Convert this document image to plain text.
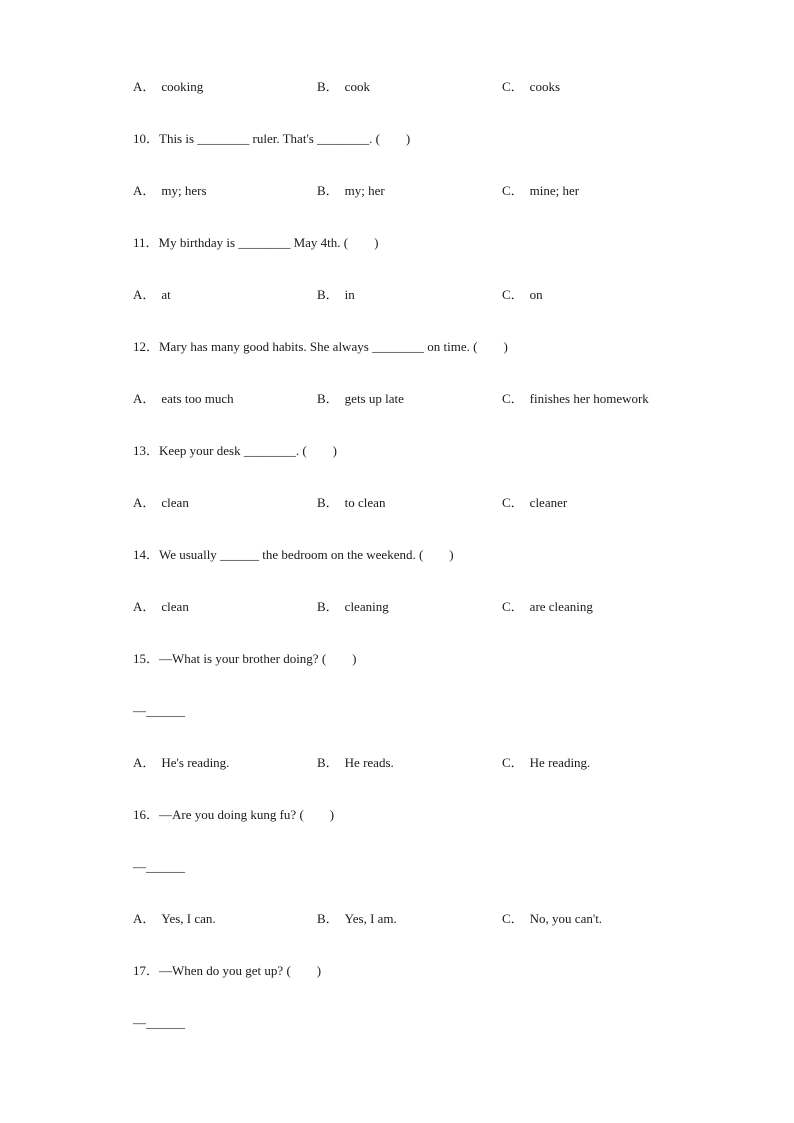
A． cooking	B． cook	C． cooks
10．This is ________ ruler. That's ________. (　　)
A． my; hers	B． my; her	C． mine; her
11．My birthday is ________ May 4th. (　　)
A． at	B． in	C． on
12．Mary has many good habits. She always ________ on time. (　　)
A． eats too much	B． gets up late	C． finishes her homework
13．Keep your desk ________. (　　)
A． clean	B． to clean	C． cleaner
14．We usually ______ the bedroom on the weekend. (　　)
A． clean	B． cleaning	C． are cleaning
15．—What is your brother doing? (　　)
—______
A． He's reading.	B． He reads.	C． He reading.
16．—Are you doing kung fu? (　　)
—______
A． Yes, I can.	B． Yes, I am.	C． No, you can't.
17．—When do you get up? (　　)
—______
